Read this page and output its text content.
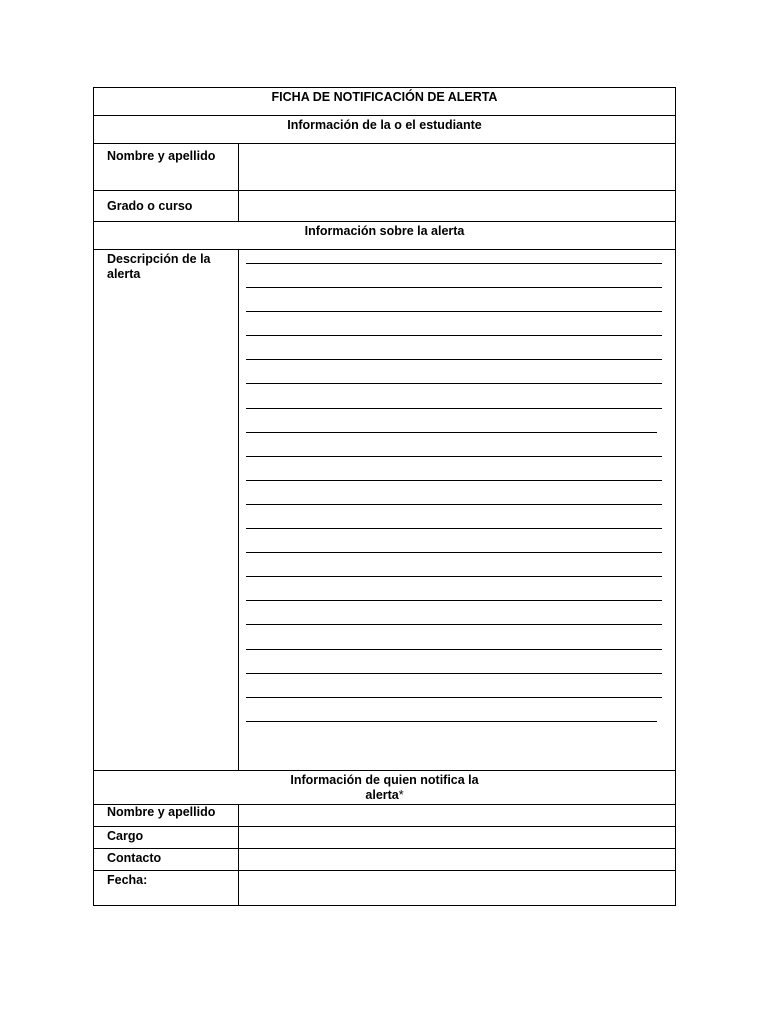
FICHA DE NOTIFICACIÓN DE ALERTA	
Información de la o el estudiante	
Nombre y apellido	
Grado o curso	
Información sobre la alerta	
Descripción de la alerta	

Información de quien notifica la
alerta*	

Nombre y apellido	
Cargo	
Contacto	
Fecha:	
